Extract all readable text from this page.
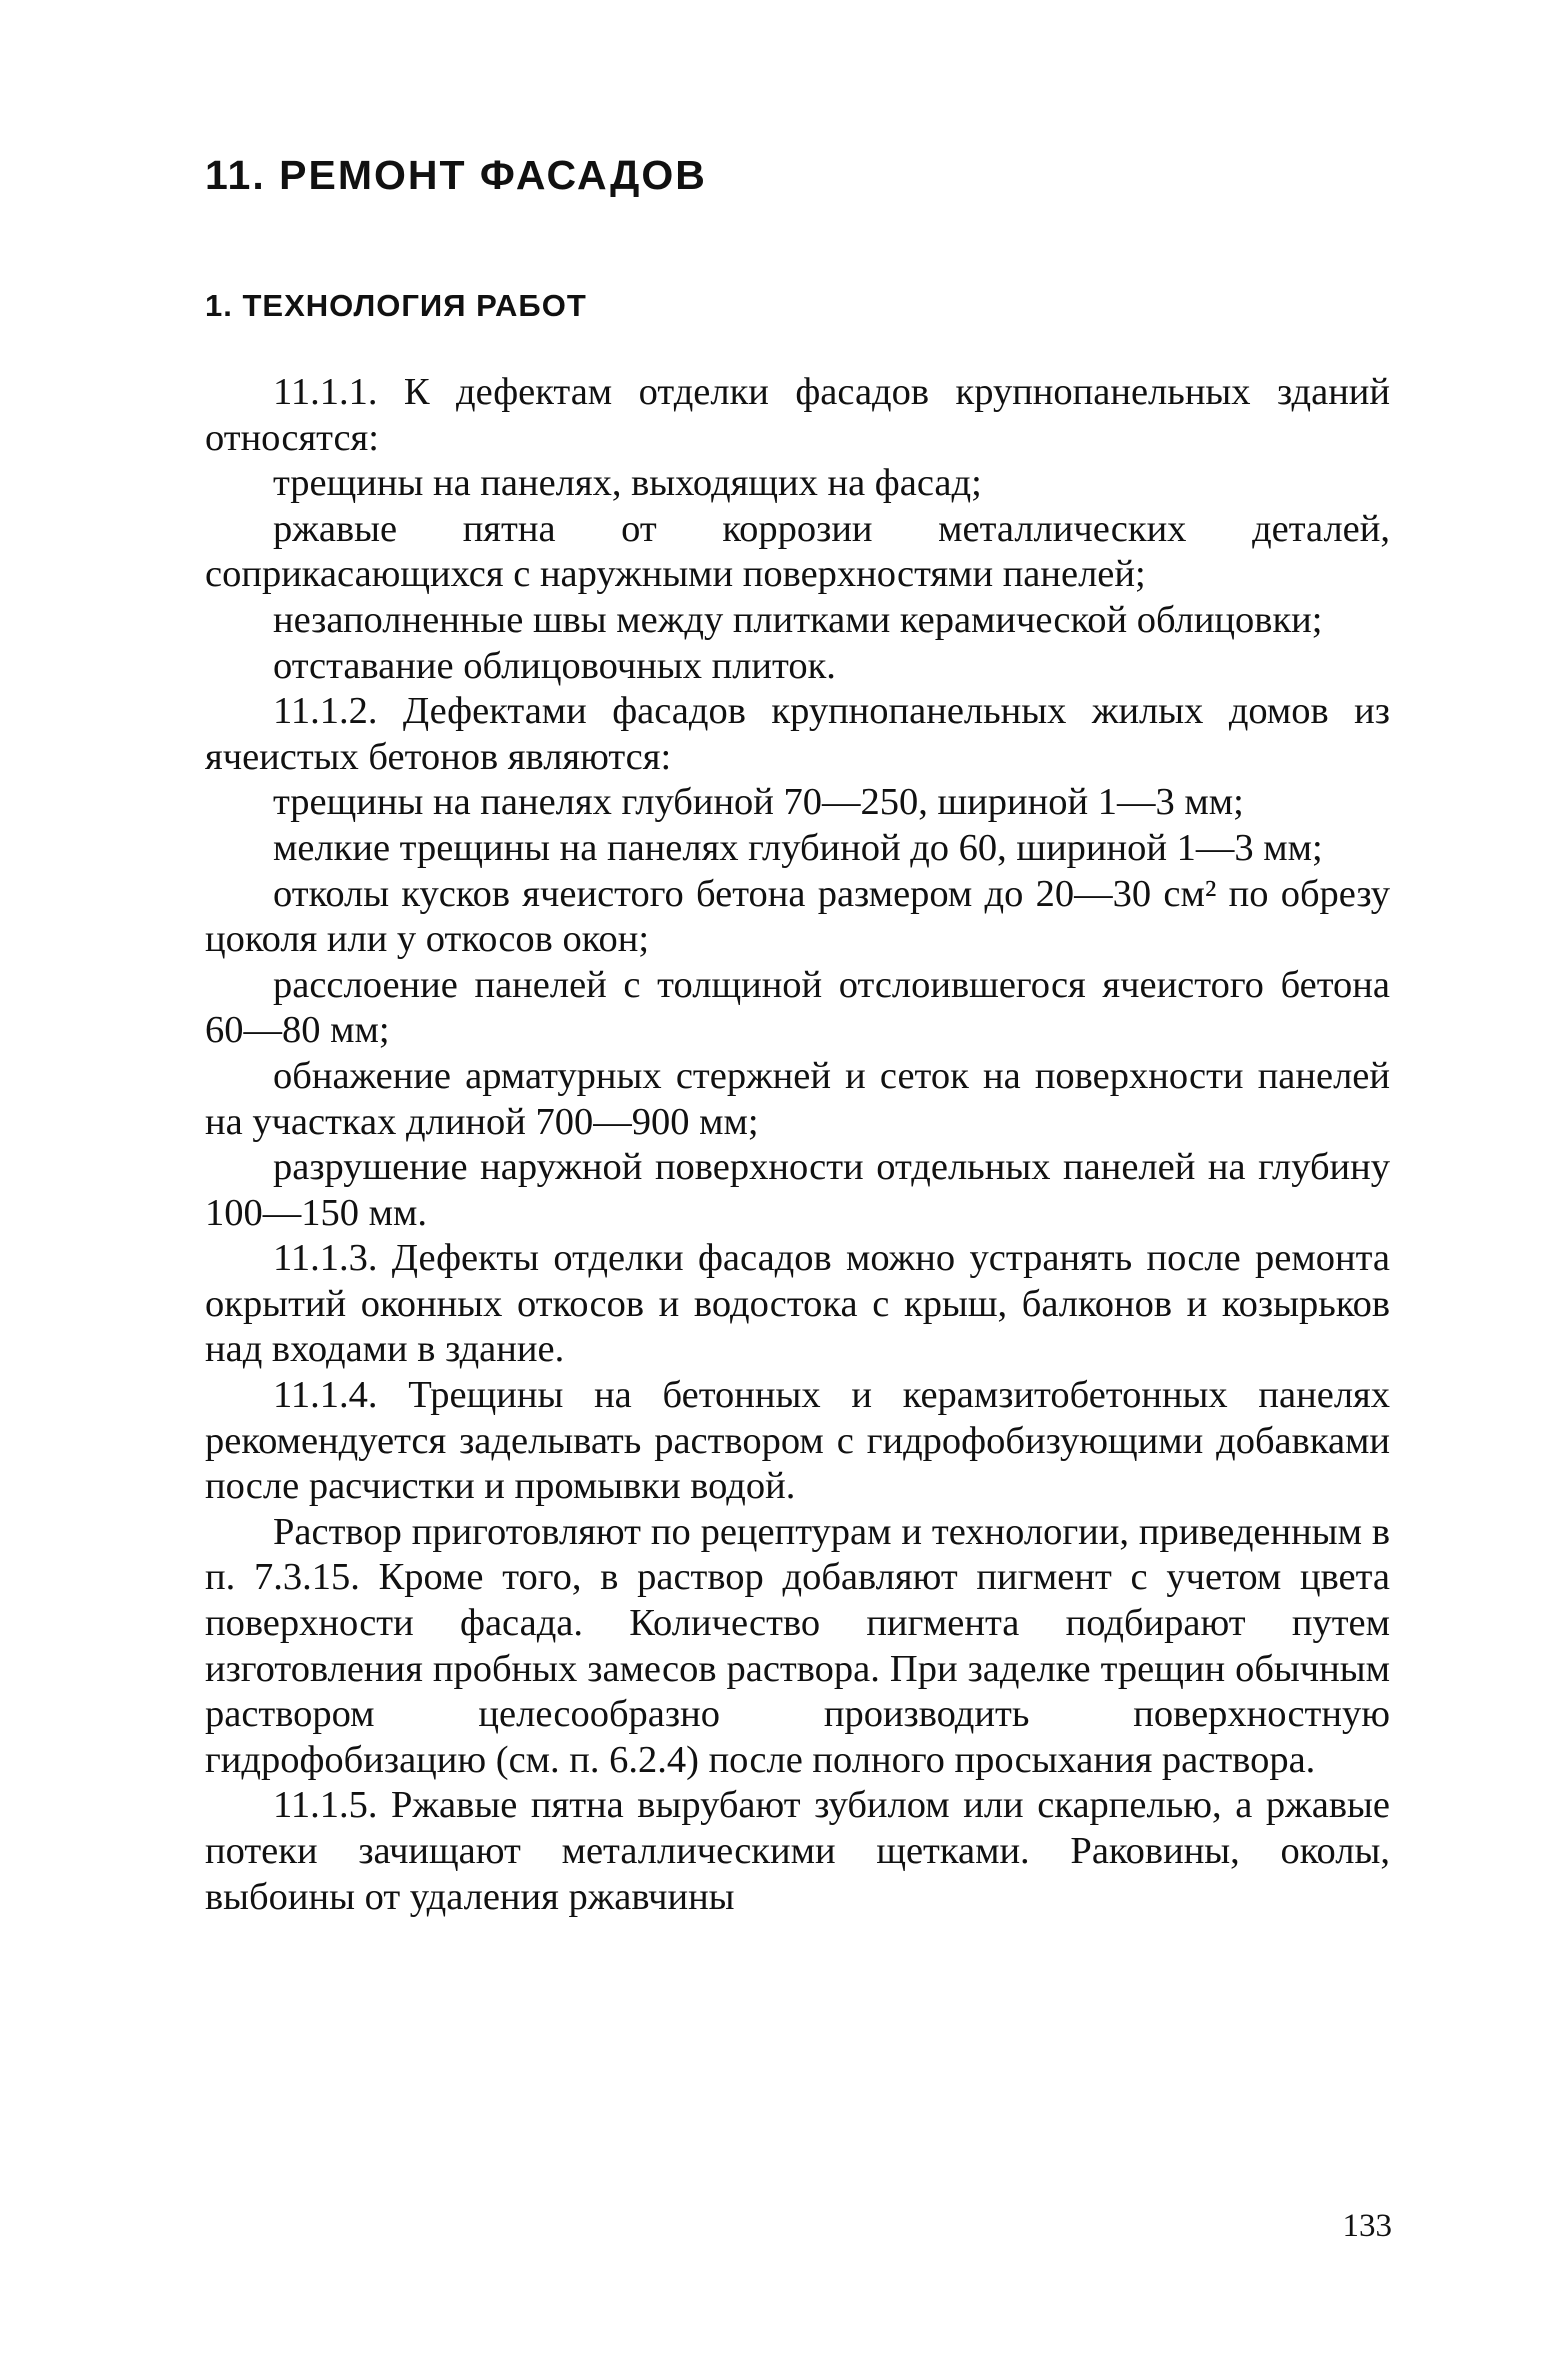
11. РЕМОНТ ФАСАДОВ
1. ТЕХНОЛОГИЯ РАБОТ

11.1.1. К дефектам отделки фасадов крупнопанельных зданий относятся:

трещины на панелях, выходящих на фасад;

ржавые пятна от коррозии металлических деталей, соприкасающихся с наружными поверхностями панелей;

незаполненные швы между плитками керамической облицовки;

отставание облицовочных плиток.

11.1.2. Дефектами фасадов крупнопанельных жилых домов из ячеистых бетонов являются:

трещины на панелях глубиной 70—250, шириной 1—3 мм;

мелкие трещины на панелях глубиной до 60, шириной 1—3 мм;

отколы кусков ячеистого бетона размером до 20—30 см² по обрезу цоколя или у откосов окон;

расслоение панелей с толщиной отслоившегося ячеистого бетона 60—80 мм;

обнажение арматурных стержней и сеток на поверхности панелей на участках длиной 700—900 мм;

разрушение наружной поверхности отдельных панелей на глубину 100—150 мм.

11.1.3. Дефекты отделки фасадов можно устранять после ремонта окрытий оконных откосов и водостока с крыш, балконов и козырьков над входами в здание.

11.1.4. Трещины на бетонных и керамзитобетонных панелях рекомендуется заделывать раствором с гидрофобизующими добавками после расчистки и промывки водой.

Раствор приготовляют по рецептурам и технологии, приведенным в п. 7.3.15. Кроме того, в раствор добавляют пигмент с учетом цвета поверхности фасада. Количество пигмента подбирают путем изготовления пробных замесов раствора. При заделке трещин обычным раствором целесообразно производить поверхностную гидрофобизацию (см. п. 6.2.4) после полного просыхания раствора.

11.1.5. Ржавые пятна вырубают зубилом или скарпелью, а ржавые потеки зачищают металлическими щетками. Раковины, околы, выбоины от удаления ржавчины

133
